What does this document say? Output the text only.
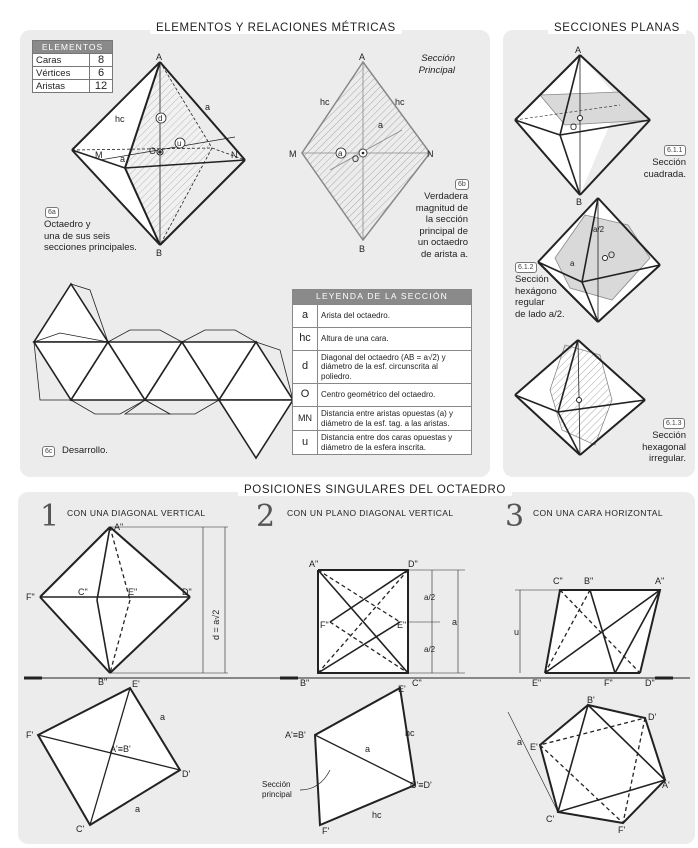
ELEMENTOS Y RELACIONES MÉTRICAS	SECCIONES PLANAS
POSICIONES SINGULARES DEL OCTAEDRO
ELEMENTOS	
Caras	8
Vértices	6
Aristas	12
A
B
M	N
O
a
a
hc	d
u
A
B
M	N
O
hc	hc
a
a
A
B
O
a/2
a
O
A"
B"
F"	C"	E"	D"
E'
F'
A'≡B'
D'
C'
a
a
d = a√2
A"	D"
B"	C"
F"	E"
a/2
a/2
a
E'
A'≡B'
C'≡D'
F'
a
hc
hc
Sección
principal
C" B"	A"
E"	F"	D"
u
B'
D'
E'
A'
C'
F'
a
1	2	3
6a
Octaedro y
una de sus seis
secciones principales.
Sección
Principal
6b
Verdadera
magnitud de
la sección
principal de
un octaedro
de arista a.
6c	Desarrollo.
LEYENDA DE LA SECCIÓN	
a	Arista del octaedro.
hc	Altura de una cara.
d	Diagonal del octaedro (AB = a√2) y diámetro de la esf. circunscrita al poliedro.
O	Centro geométrico del octaedro.
MN	Distancia entre aristas opuestas (a) y diámetro de la esf. tag. a las aristas.
u	Distancia entre dos caras opuestas y diámetro de la esfera inscrita.
6.1.1
Sección
cuadrada.
6.1.2
Sección
hexágono
regular
de lado a/2.
6.1.3
Sección
hexagonal
irregular.
CON UNA DIAGONAL VERTICAL	CON UN PLANO DIAGONAL VERTICAL	CON UNA CARA HORIZONTAL
